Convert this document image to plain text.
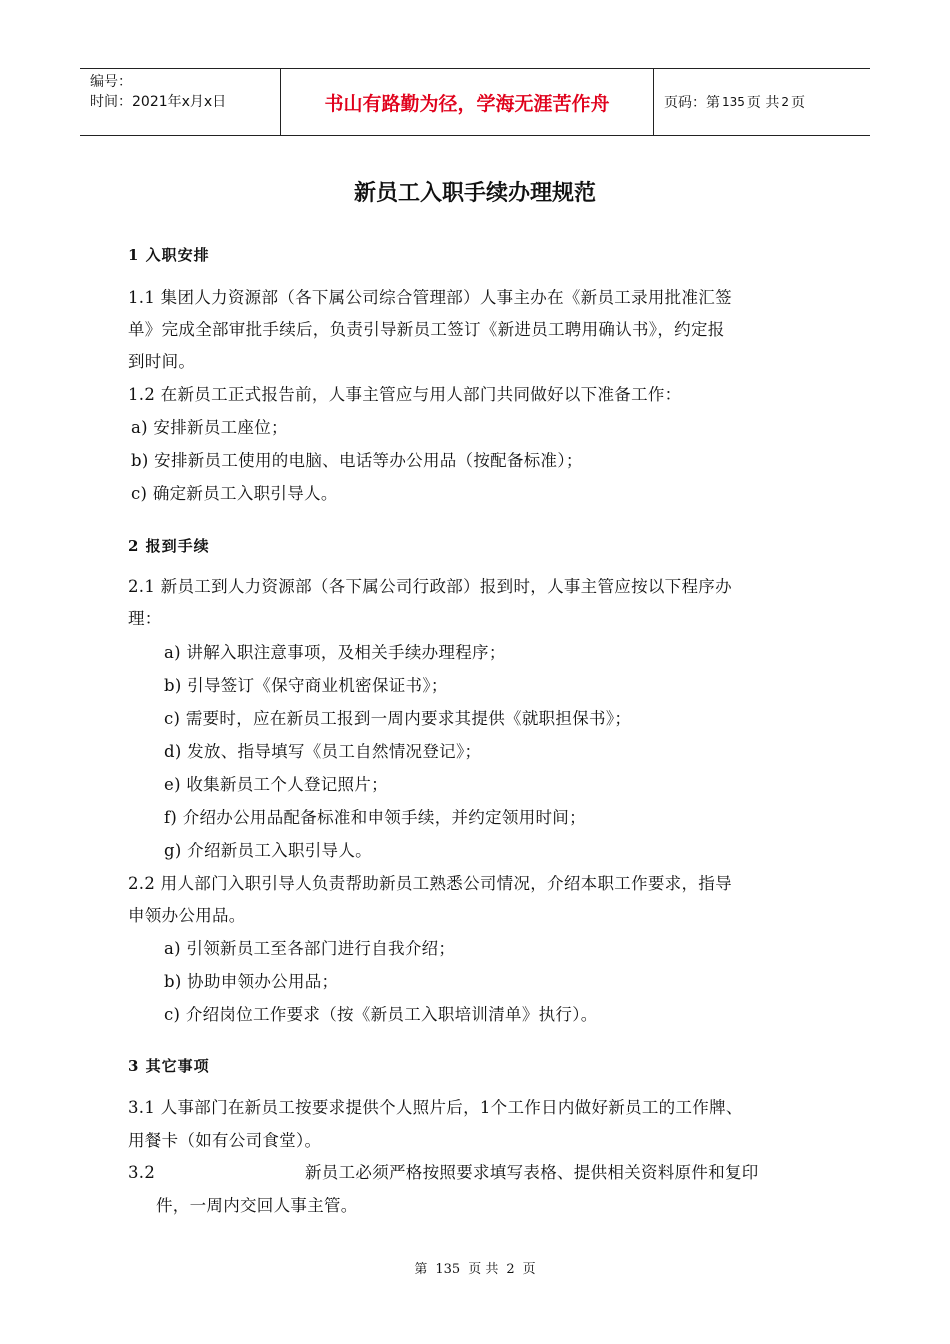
编号：
时间：2021年x月x日	书山有路勤为径，学海无涯苦作舟	页码：第 135 页 共 2 页
新员工入职手续办理规范
1 入职安排
1.1 集团人力资源部（各下属公司综合管理部）人事主办在《新员工录用批准汇签
单》完成全部审批手续后，负责引导新员工签订《新进员工聘用确认书》，约定报
到时间。
1.2 在新员工正式报告前，人事主管应与用人部门共同做好以下准备工作：
a) 安排新员工座位；
b) 安排新员工使用的电脑、电话等办公用品（按配备标准）；
c) 确定新员工入职引导人。
2 报到手续
2.1 新员工到人力资源部（各下属公司行政部）报到时，人事主管应按以下程序办
理：
a) 讲解入职注意事项，及相关手续办理程序；
b) 引导签订《保守商业机密保证书》；
c) 需要时，应在新员工报到一周内要求其提供《就职担保书》；
d) 发放、指导填写《员工自然情况登记》；
e) 收集新员工个人登记照片；
f) 介绍办公用品配备标准和申领手续，并约定领用时间；
g) 介绍新员工入职引导人。
2.2 用人部门入职引导人负责帮助新员工熟悉公司情况，介绍本职工作要求，指导
申领办公用品。
a) 引领新员工至各部门进行自我介绍；
b) 协助申领办公用品；
c) 介绍岗位工作要求（按《新员工入职培训清单》执行）。
3 其它事项
3.1 人事部门在新员工按要求提供个人照片后，1个工作日内做好新员工的工作牌、
用餐卡（如有公司食堂）。
3.2	新员工必须严格按照要求填写表格、提供相关资料原件和复印
件，一周内交回人事主管。
第 135 页 共 2 页
